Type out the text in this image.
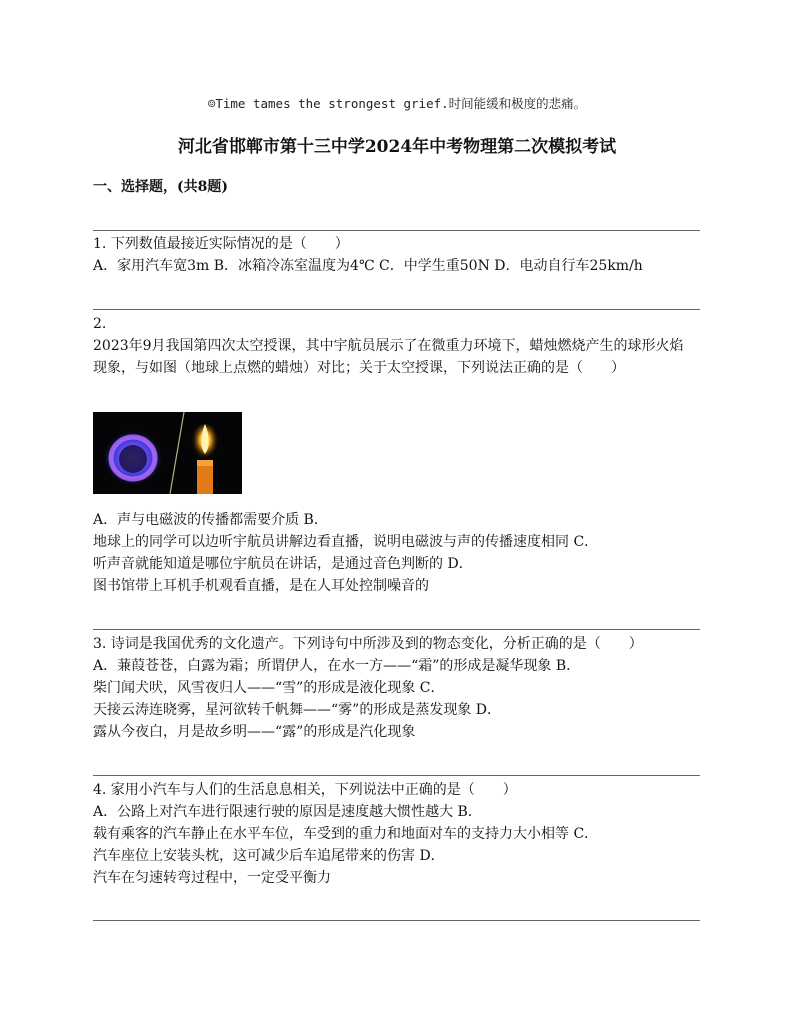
☺Time tames the strongest grief.时间能缓和极度的悲痛。
河北省邯郸市第十三中学2024年中考物理第二次模拟考试
一、选择题，(共8题)

1. 下列数值最接近实际情况的是（　　）

A．家用汽车宽3m B．冰箱冷冻室温度为4℃ C．中学生重50N D．电动自行车25km/h

2.

2023年9月我国第四次太空授课，其中宇航员展示了在微重力环境下，蜡烛燃烧产生的球形火焰现象，与如图（地球上点燃的蜡烛）对比；关于太空授课，下列说法正确的是（　　）

A．声与电磁波的传播都需要介质 B．

地球上的同学可以边听宇航员讲解边看直播，说明电磁波与声的传播速度相同 C．

听声音就能知道是哪位宇航员在讲话，是通过音色判断的 D．

图书馆带上耳机手机观看直播，是在人耳处控制噪音的

3. 诗词是我国优秀的文化遗产。下列诗句中所涉及到的物态变化，分析正确的是（　　）

A．蒹葭苍苍，白露为霜；所谓伊人，在水一方——“霜”的形成是凝华现象 B．

柴门闻犬吠，风雪夜归人——“雪”的形成是液化现象 C．

天接云涛连晓雾，星河欲转千帆舞——“雾”的形成是蒸发现象 D．

露从今夜白，月是故乡明——“露”的形成是汽化现象

4. 家用小汽车与人们的生活息息相关，下列说法中正确的是（　　）

A．公路上对汽车进行限速行驶的原因是速度越大惯性越大 B．

载有乘客的汽车静止在水平车位，车受到的重力和地面对车的支持力大小相等 C．

汽车座位上安装头枕，这可减少后车追尾带来的伤害 D．

汽车在匀速转弯过程中，一定受平衡力
